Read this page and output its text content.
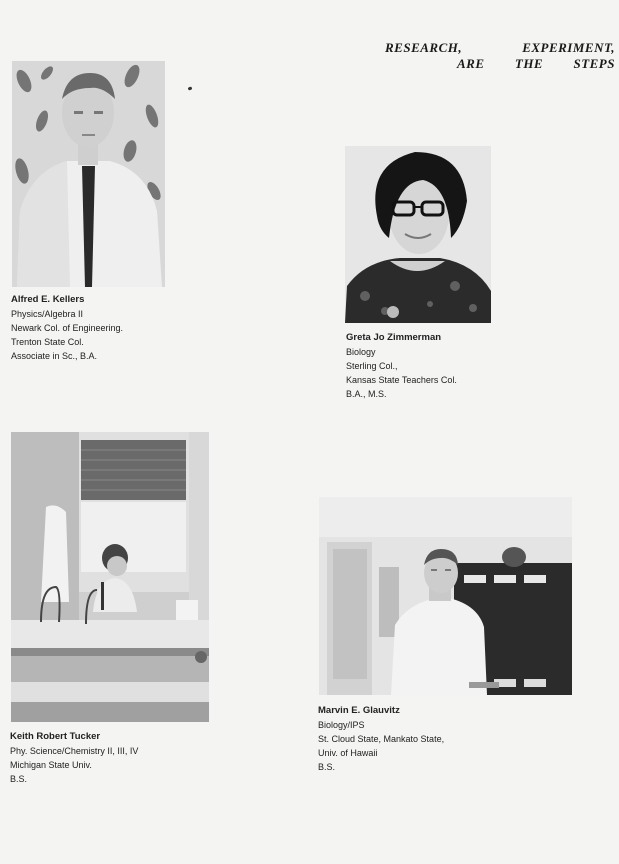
RESEARCH,	EXPERIMENT,
ARE THE STEPS
Alfred E. Kellers
Physics/Algebra II
Newark Col. of Engineering.
Trenton State Col.
Associate in Sc., B.A.
Greta Jo Zimmerman
Biology
Sterling Col.,
Kansas State Teachers Col.
B.A., M.S.
Keith Robert Tucker
Phy. Science/Chemistry II, III, IV
Michigan State Univ.
B.S.
Marvin E. Glauvitz
Biology/IPS
St. Cloud State, Mankato State,
Univ. of Hawaii
B.S.
